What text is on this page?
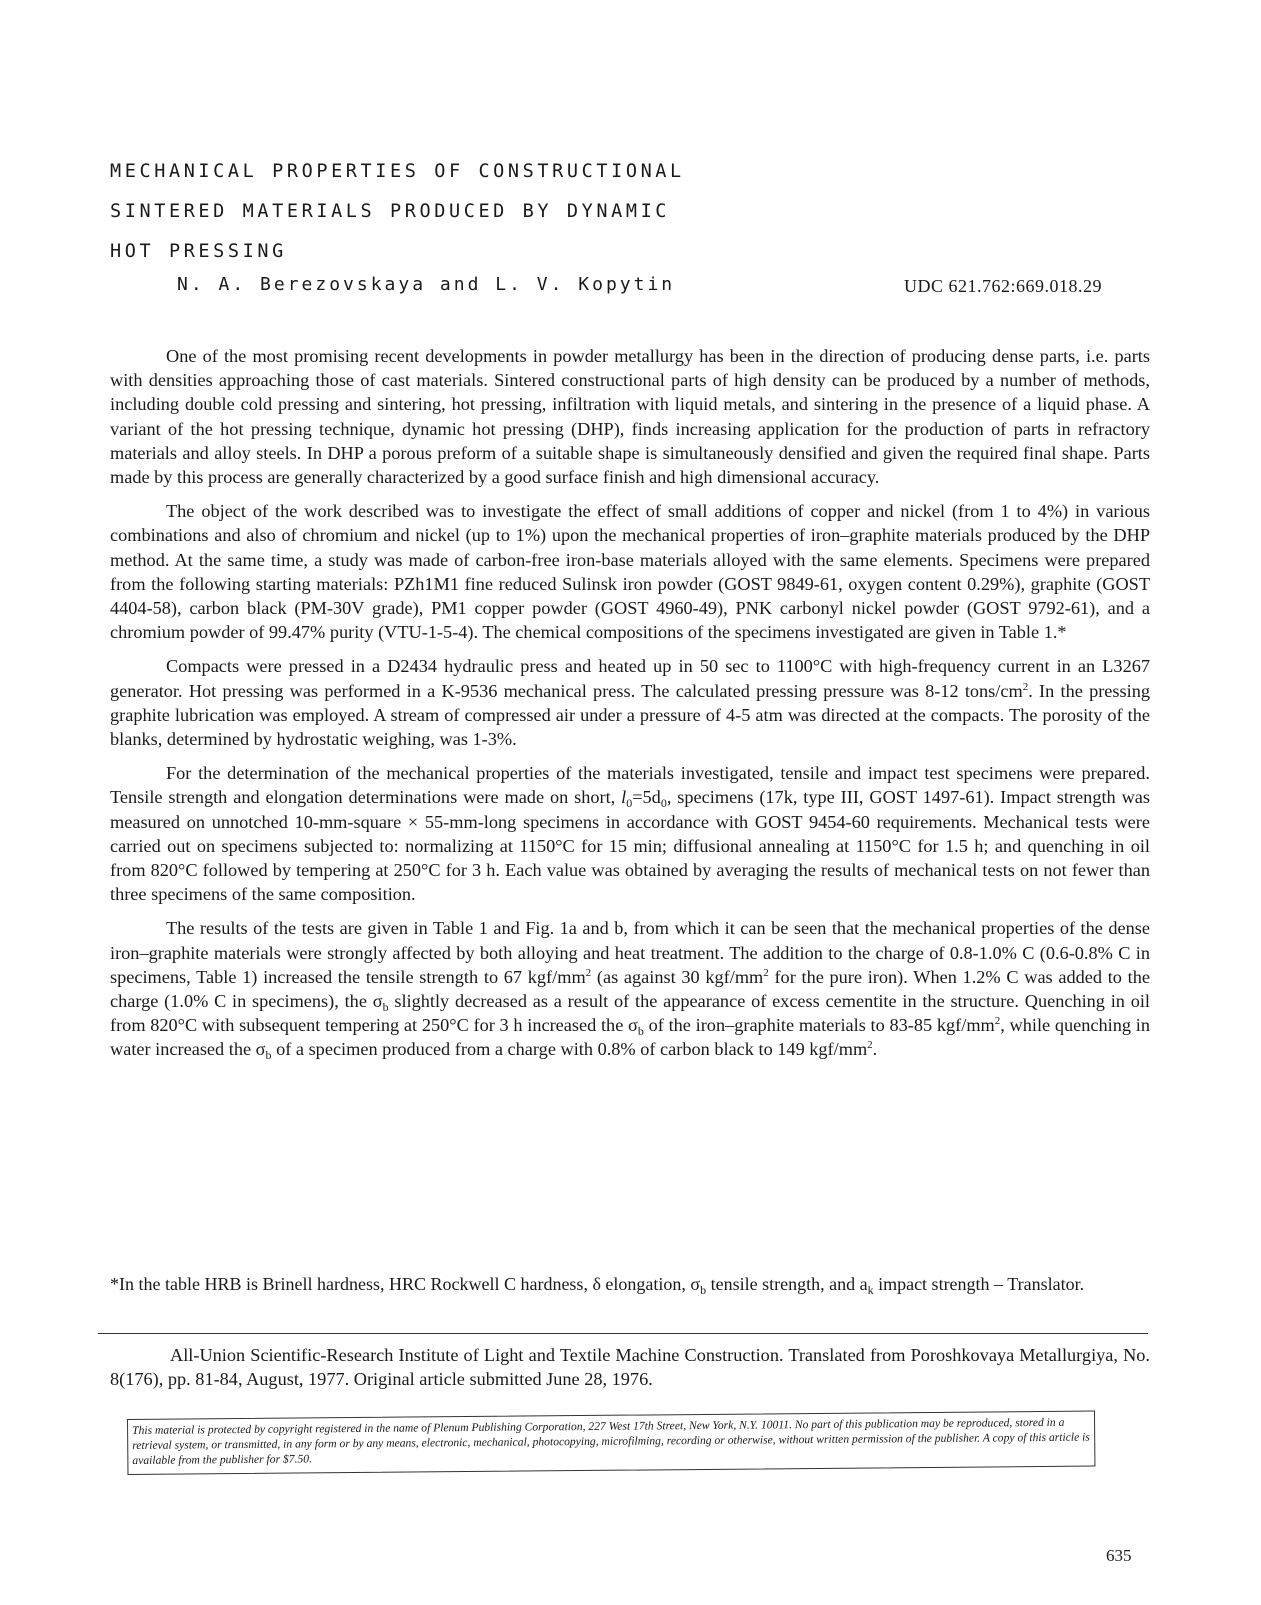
MECHANICAL PROPERTIES OF CONSTRUCTIONAL
SINTERED MATERIALS PRODUCED BY DYNAMIC
HOT PRESSING
N. A. Berezovskaya and L. V. Kopytin	UDC 621.762:669.018.29

One of the most promising recent developments in powder metallurgy has been in the direction of producing dense parts, i.e. parts with densities approaching those of cast materials. Sintered constructional parts of high density can be produced by a number of methods, including double cold pressing and sintering, hot pressing, infiltration with liquid metals, and sintering in the presence of a liquid phase. A variant of the hot pressing technique, dynamic hot pressing (DHP), finds increasing application for the production of parts in refractory materials and alloy steels. In DHP a porous preform of a suitable shape is simultaneously densified and given the required final shape. Parts made by this process are generally characterized by a good surface finish and high dimensional accuracy.

The object of the work described was to investigate the effect of small additions of copper and nickel (from 1 to 4%) in various combinations and also of chromium and nickel (up to 1%) upon the mechanical properties of iron–graphite materials produced by the DHP method. At the same time, a study was made of carbon-free iron-base materials alloyed with the same elements. Specimens were prepared from the following starting materials: PZh1M1 fine reduced Sulinsk iron powder (GOST 9849-61, oxygen content 0.29%), graphite (GOST 4404-58), carbon black (PM-30V grade), PM1 copper powder (GOST 4960-49), PNK carbonyl nickel powder (GOST 9792-61), and a chromium powder of 99.47% purity (VTU-1-5-4). The chemical compositions of the specimens investigated are given in Table 1.*

Compacts were pressed in a D2434 hydraulic press and heated up in 50 sec to 1100°C with high-frequency current in an L3267 generator. Hot pressing was performed in a K-9536 mechanical press. The calculated pressing pressure was 8-12 tons/$cm^2$. In the pressing graphite lubrication was employed. A stream of compressed air under a pressure of 4-5 atm was directed at the compacts. The porosity of the blanks, determined by hydrostatic weighing, was 1-3%.

For the determination of the mechanical properties of the materials investigated, tensile and impact test specimens were prepared. Tensile strength and elongation determinations were made on short, $l_0=5d_0$, specimens (17k, type III, GOST 1497-61). Impact strength was measured on unnotched 10-mm-square × 55-mm-long specimens in accordance with GOST 9454-60 requirements. Mechanical tests were carried out on specimens subjected to: normalizing at 1150°C for 15 min; diffusional annealing at 1150°C for 1.5 h; and quenching in oil from 820°C followed by tempering at 250°C for 3 h. Each value was obtained by averaging the results of mechanical tests on not fewer than three specimens of the same composition.

The results of the tests are given in Table 1 and Fig. 1a and b, from which it can be seen that the mechanical properties of the dense iron–graphite materials were strongly affected by both alloying and heat treatment. The addition to the charge of 0.8-1.0% C (0.6-0.8% C in specimens, Table 1) increased the tensile strength to 67 kgf/$mm^2$ (as against 30 kgf/$mm^2$ for the pure iron). When 1.2% C was added to the charge (1.0% C in specimens), the $\sigma_b$ slightly decreased as a result of the appearance of excess cementite in the structure. Quenching in oil from 820°C with subsequent tempering at 250°C for 3 h increased the $\sigma_b$ of the iron–graphite materials to 83-85 kgf/$mm^2$, while quenching in water increased the $\sigma_b$ of a specimen produced from a charge with 0.8% of carbon black to 149 kgf/$mm^2$.

*In the table HRB is Brinell hardness, HRC Rockwell C hardness, δ elongation, $\sigma_b$ tensile strength, and $a_k$ impact strength – Translator.

All-Union Scientific-Research Institute of Light and Textile Machine Construction. Translated from Poroshkovaya Metallurgiya, No. 8(176), pp. 81-84, August, 1977. Original article submitted June 28, 1976.

This material is protected by copyright registered in the name of Plenum Publishing Corporation, 227 West 17th Street, New York, N.Y. 10011. No part of this publication may be reproduced, stored in a retrieval system, or transmitted, in any form or by any means, electronic, mechanical, photocopying, microfilming, recording or otherwise, without written permission of the publisher. A copy of this article is available from the publisher for $7.50.
635
